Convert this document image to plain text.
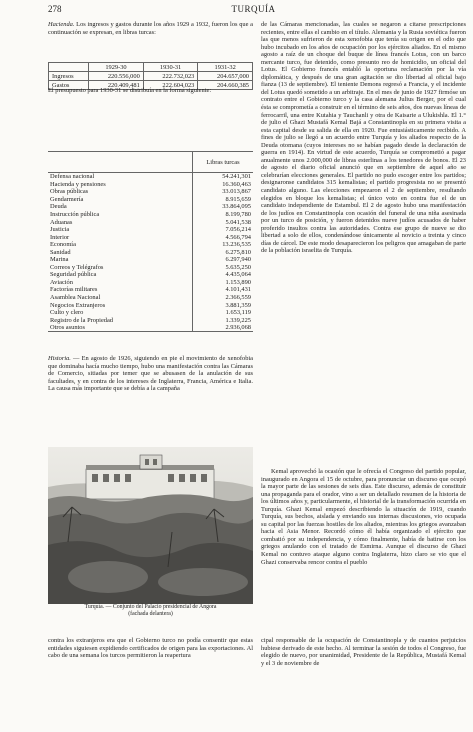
278	TURQUÍA

Hacienda. Los ingresos y gastos durante los años 1929 a 1932, fueron los que a continuación se expresan, en libras turcas:

	1929-30	1930-31	1931-32
Ingresos	220.556,000	222.732,023	204.657,000
Gastos	220.409,481	222.604,023	204.660,385

El presupuesto para 1930-31 se distribuía en la forma siguiente:

	Libras turcas
Defensa nacional	54.241,301
Hacienda y pensiones	16.360,463
Obras públicas	33.013,867
Gendarmería	8.915,659
Deuda	33.864,095
Instrucción pública	8.199,780
Aduanas	5.041,538
Justicia	7.056,214
Interior	4.566,794
Economía	13.236,535
Sanidad	6.275,810
Marina	6.297,940
Correos y Telégrafos	5.635,250
Seguridad pública	4.435,064
Aviación	1.153,890
Factorías militares	4.101,431
Asamblea Nacional	2.366,559
Negocios Extranjeros	3.881,359
Culto y clero	1.653,119
Registro de la Propiedad	1.339,225
Otros asuntos	2.936,068

Historia. — En agosto de 1926, siguiendo en pie el movimiento de xenofobia que dominaba hacía mucho tiempo, hubo una manifestación contra las Cámaras de Comercio, sitiadas por temer que se abusasen de la anulación de sus facultades, y en contra de los intereses de Inglaterra, Francia, América e Italia. La causa más importante que se debía a la campaña

Turquía. — Conjunto del Palacio presidencial de Angora
(fachada delantera)

de las Cámaras mencionadas, las cuales se negaron a citarse prescripciones recientes, entre ellas el cambio en el título. Alemania y la Rusia soviética fueron las que menos sufrieron de esta xenofobia que tenía su origen en el odio que hubo incubado en los años de ocupación por los ejércitos aliados. En el mismo agosto a raíz de un choque del buque de línea francés Lotus, con un barco mercante turco, fue detenido, como presunto reo de homicidio, un oficial del Lotus. El Gobierno francés entabló la oportuna reclamación por la vía diplomática, y después de una gran agitación se dio libertad al oficial bajo fianza (13 de septiembre). El teniente Demons regresó a Francia, y el incidente del Lotus quedó sometido a un arbitraje. En el mes de junio de 1927 firmóse un contrato entre el Gobierno turco y la casa alemana Julius Berger, por el cual ésta se comprometía a construir en el término de seis años, dos nuevas líneas de ferrocarril, una entre Kutahia y Tauchanli y otra de Kaisarie a Ulukishla. El 1.° de julio el Ghazi Mustafá Kemal Bajá a Constantinopla en su primera visita a esta capital desde su salida de ella en 1920. Fue entusiásticamente recibido. A fines de julio se llegó a un acuerdo entre Turquía y los aliados respecto de la Deuda otomana (cuyos intereses no se habían pagado desde la declaración de guerra en 1914). En virtud de este acuerdo, Turquía se comprometió a pagar anualmente unos 2.000,000 de libras esterlinas a los tenedores de bonos. El 23 de agosto el diario oficial anunció que en septiembre de aquel año se celebrarían elecciones generales. El partido no pudo escoger entre los partidos; designaronse candidatos 315 kemalistas; el partido progresista no se presentó candidato alguno. Las elecciones empezaron el 2 de septiembre, resultando elegidos en bloque los kemalistas; el único voto en contra fue el de un candidato independiente de Estambul. El 2 de agosto hubo una manifestación de los judíos en Constantinopla con ocasión del funeral de una niña asesinada por un turco de posición, y fueron detenidos nueve judíos acusados de haber proferido insultos contra las autoridades. Contra ese grupo de nueve se dio libertad a solo de ellos, condenándose únicamente al novicio a treinta y cinco días de cárcel. De este modo desaparecieron los peligros que amagaban de parte de la población israelita de Turquía.

Kemal aprovechó la ocasión que le ofrecía el Congreso del partido popular, inaugurado en Angora el 15 de octubre, para pronunciar un discurso que ocupó la mayor parte de las sesiones de seis días. Este discurso, además de constituir una propaganda para el orador, vino a ser un detallado resumen de la historia de los últimos años y, particularmente, el historial de la transformación ocurrida en Turquía. Ghazi Kemal empezó describiendo la situación de 1919, cuando Turquía, sus bechos, aislada y enviando sus internas discusiones, vio ocupada su capital por las fuerzas hostiles de los aliados, mientras los griegos avanzaban hacia el Asia Menor. Recordó cómo él había organizado el ejército que combatió por su independencia, y cómo finalmente, había de batirse con los griegos anulando con el tratado de Esmirna. Aunque el discurso de Ghazi Kemal no contuvo ataque alguno contra Inglaterra, hizo claro se vio que el Ghazi conservaba rencor contra el pueblo

contra los extranjeros era que el Gobierno turco no podía consentir que estas entidades siguiesen expidiendo certificados de origen para las exportaciones. Al cabo de una semana los turcos permitieron la reapertura
cipal responsable de la ocupación de Constantinopla y de cuantos perjuicios hubiese derivado de este hecho. Al terminar la sesión de todos el Congreso, fue elegido de nuevo, por unanimidad, Presidente de la República, Mustafá Kemal y el 3 de noviembre de
